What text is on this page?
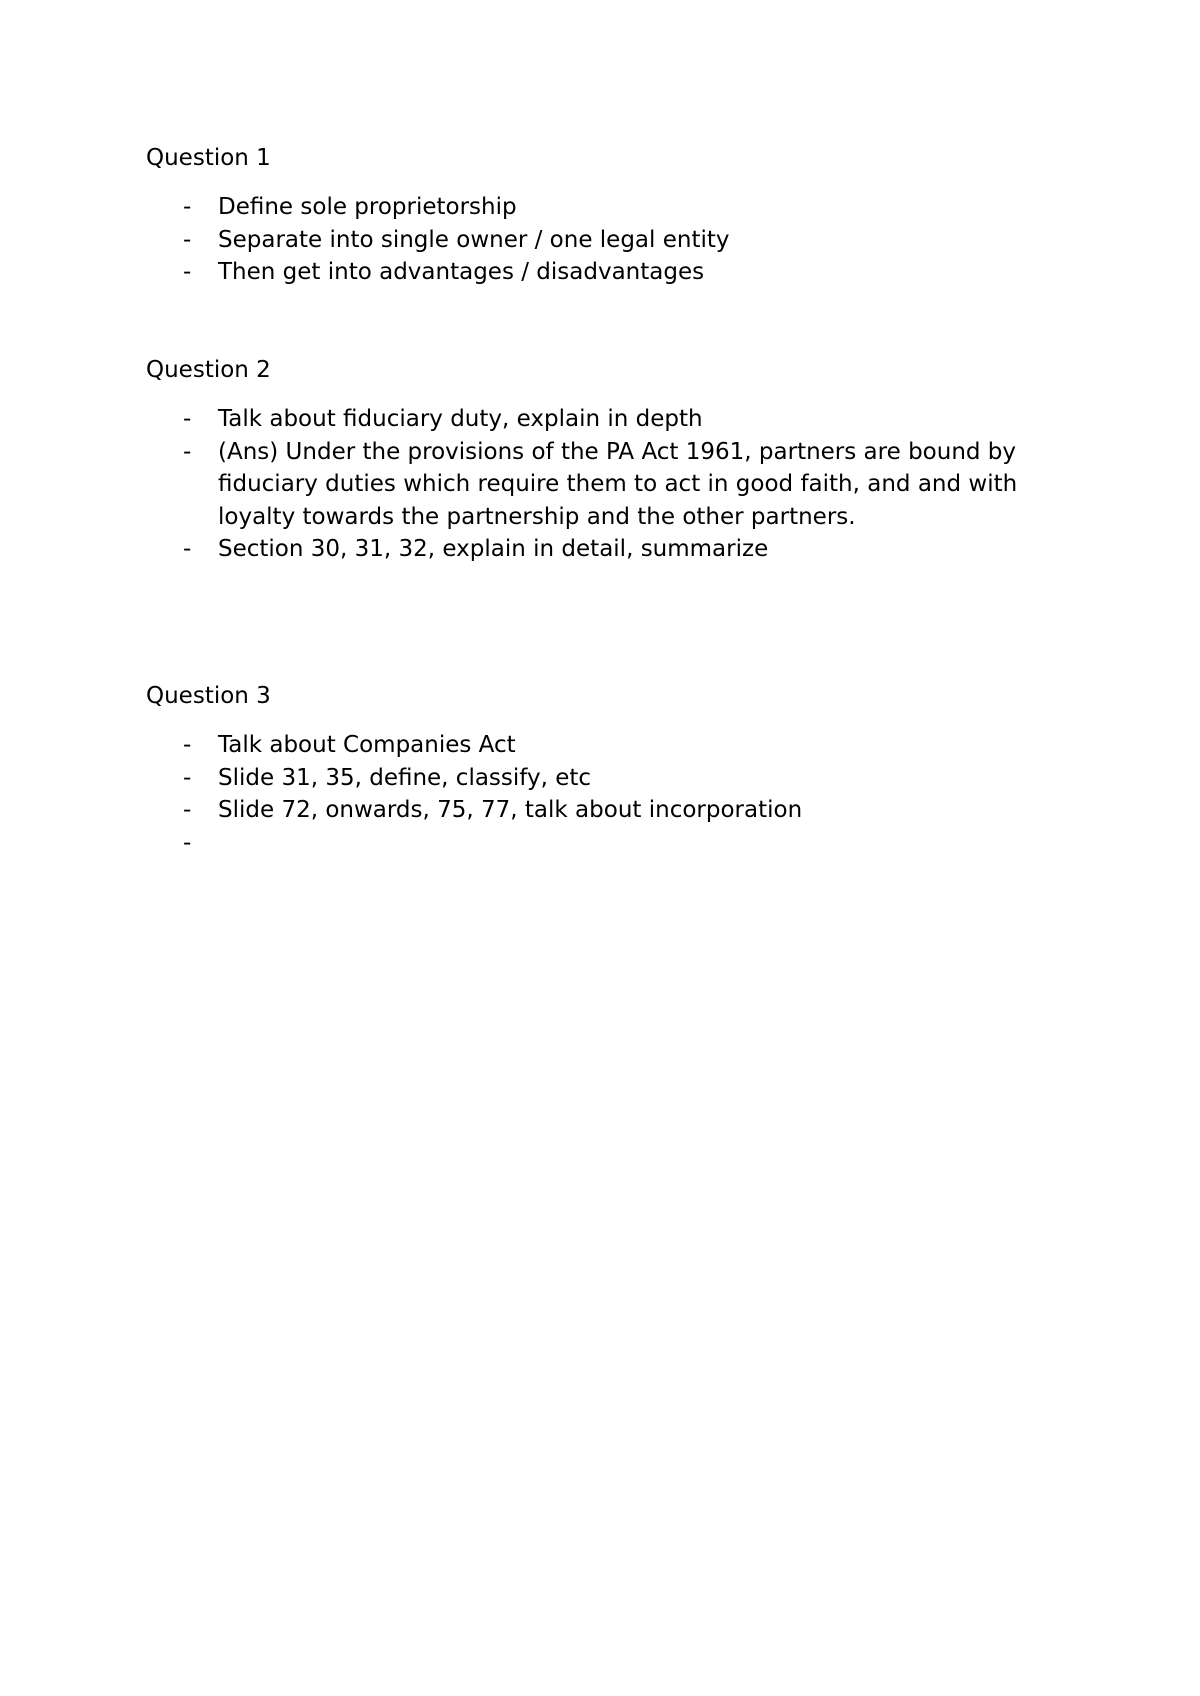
Question 1
- Define sole proprietorship
- Separate into single owner / one legal entity
- Then get into advantages / disadvantages
Question 2
- Talk about fiduciary duty, explain in depth
- (Ans) Under the provisions of the PA Act 1961, partners are bound by fiduciary duties which require them to act in good faith, and and with loyalty towards the partnership and the other partners.
- Section 30, 31, 32, explain in detail, summarize
Question 3
- Talk about Companies Act
- Slide 31, 35, define, classify, etc
- Slide 72, onwards, 75, 77, talk about incorporation
-
